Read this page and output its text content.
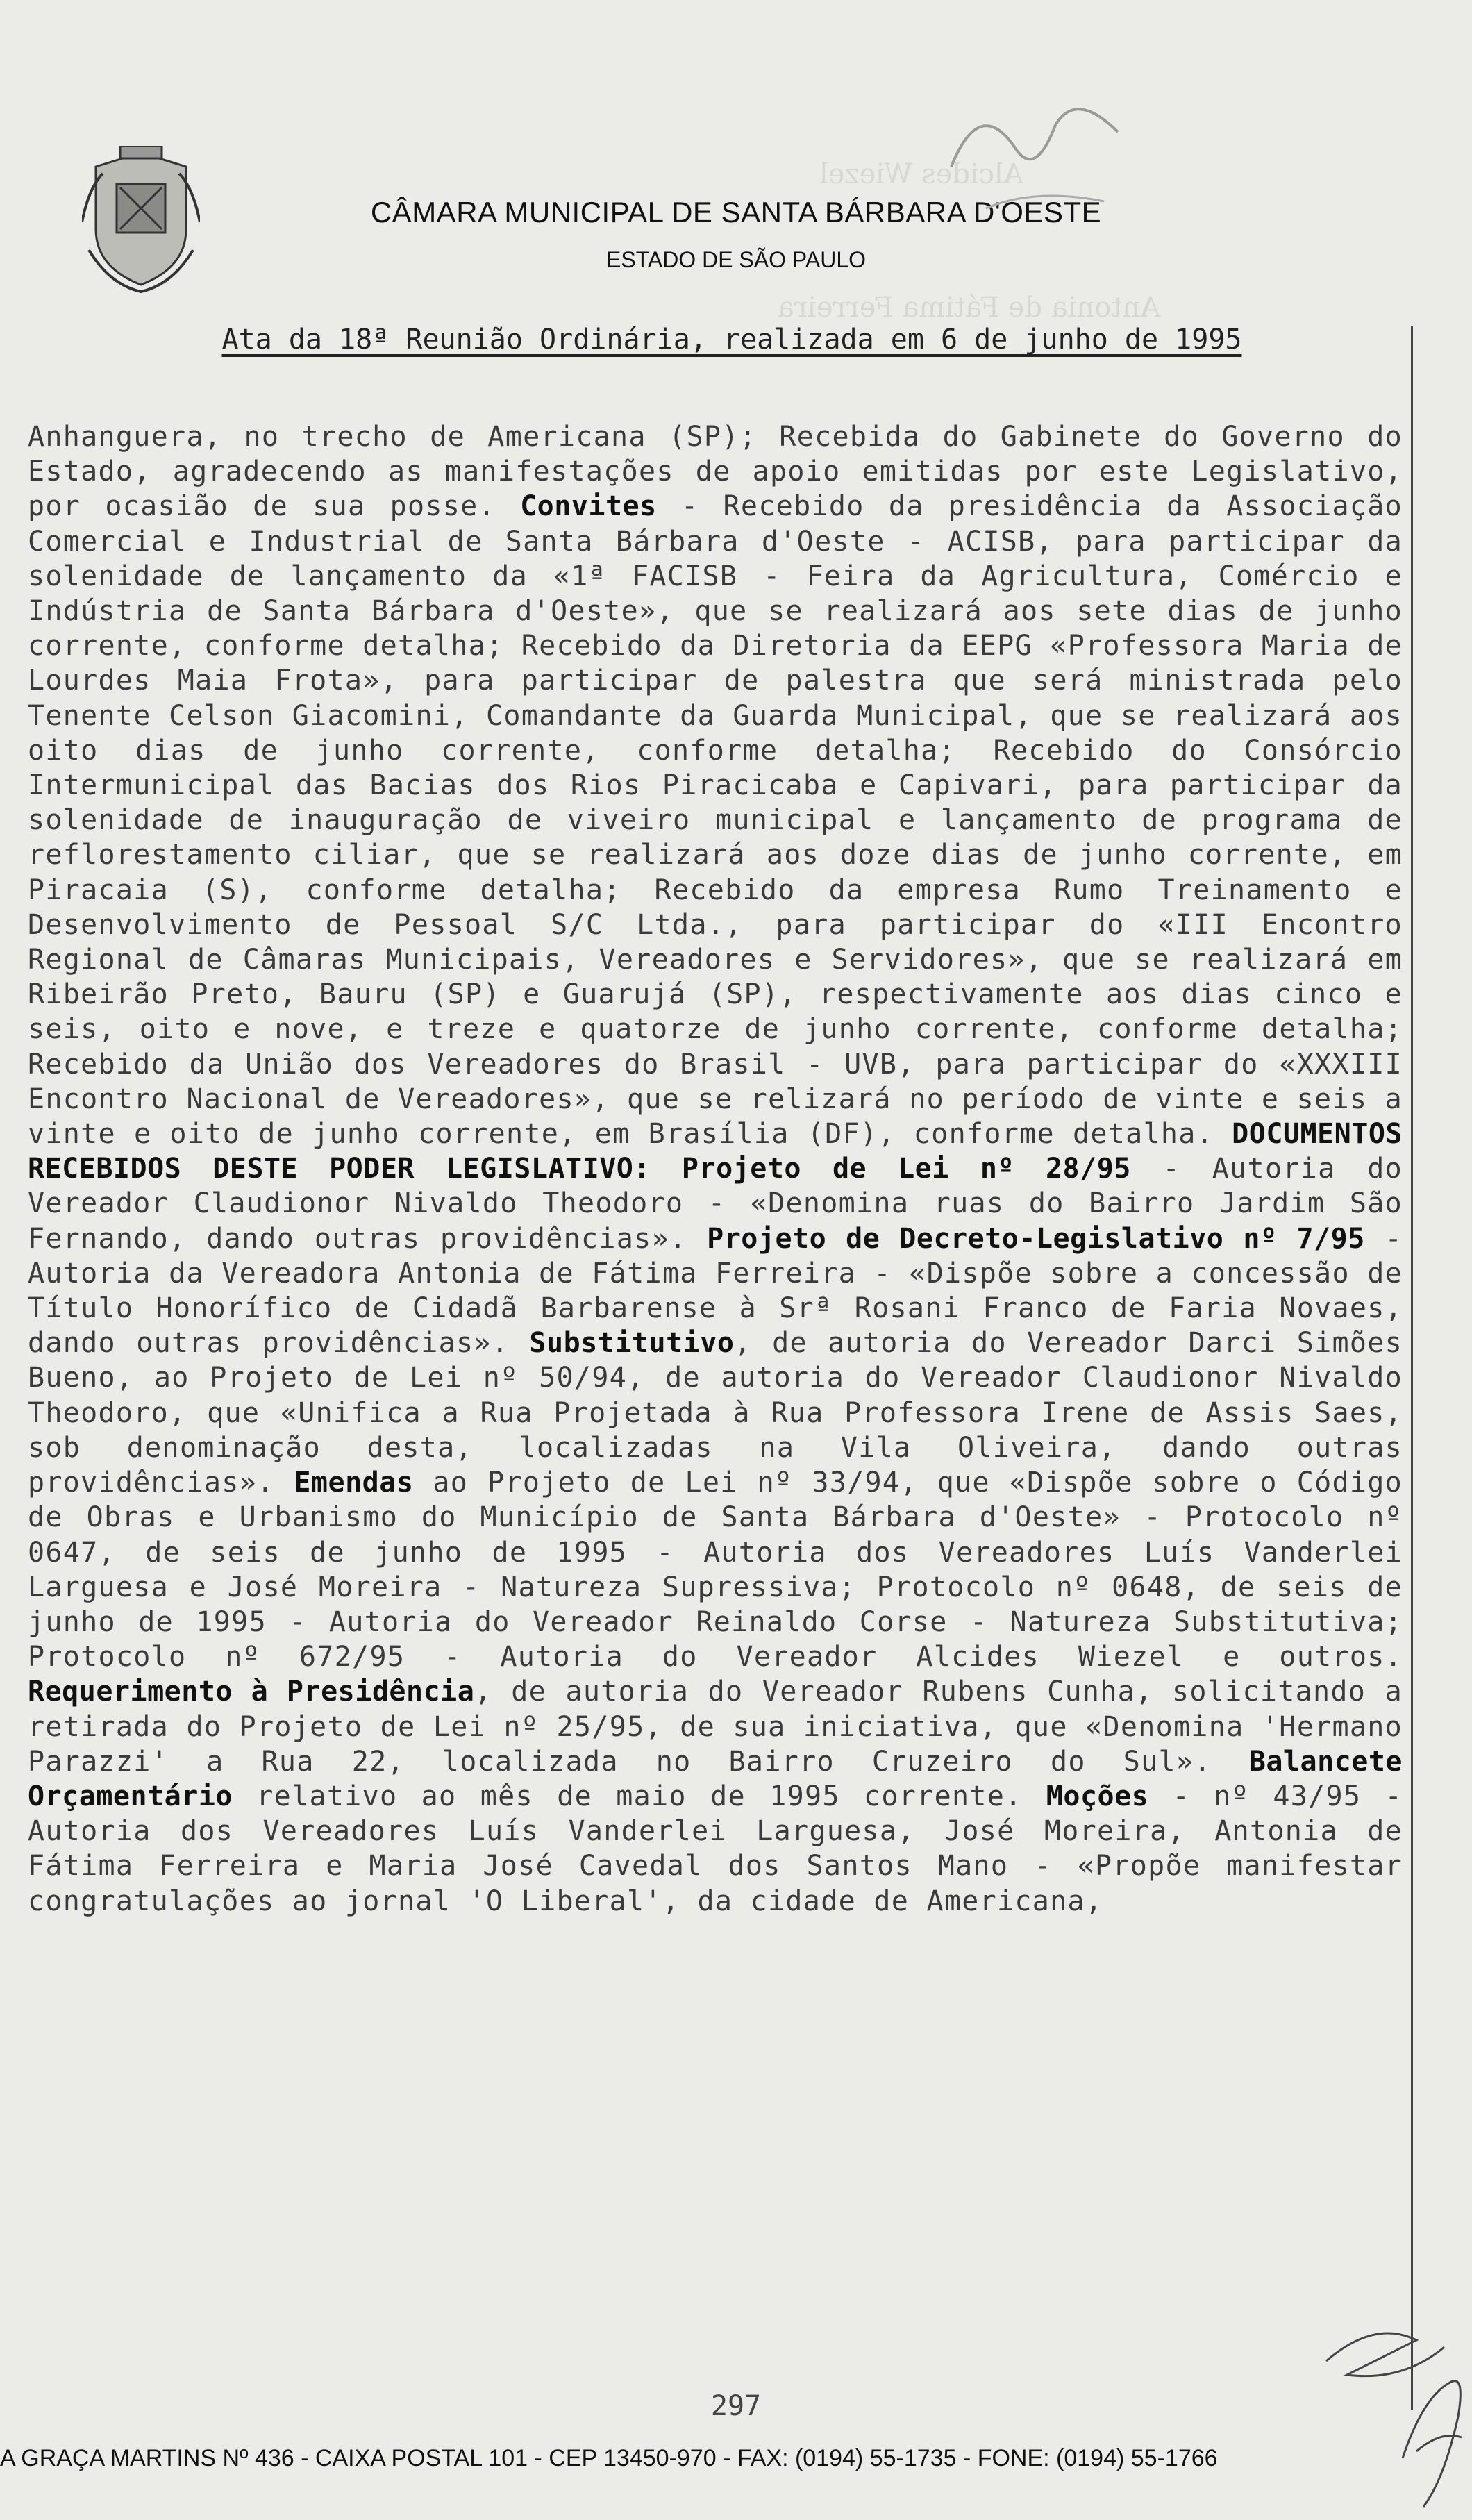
Alcides Wiezel
Antonia de Fátima Ferreira
CÂMARA MUNICIPAL DE SANTA BÁRBARA D'OESTE
ESTADO DE SÃO PAULO
Ata da 18ª Reunião Ordinária, realizada em 6 de junho de 1995
Anhanguera, no trecho de Americana (SP); Recebida do Gabinete do Governo do Estado, agradecendo as manifestações de apoio emitidas por este Legislativo, por ocasião de sua posse. Convites - Recebido da presidência da Associação Comercial e Industrial de Santa Bárbara d'Oeste - ACISB, para participar da solenidade de lançamento da «1ª FACISB - Feira da Agricultura, Comércio e Indústria de Santa Bárbara d'Oeste», que se realizará aos sete dias de junho corrente, conforme detalha; Recebido da Diretoria da EEPG «Professora Maria de Lourdes Maia Frota», para participar de palestra que será ministrada pelo Tenente Celson Giacomini, Comandante da Guarda Municipal, que se realizará aos oito dias de junho corrente, conforme detalha; Recebido do Consórcio Intermunicipal das Bacias dos Rios Piracicaba e Capivari, para participar da solenidade de inauguração de viveiro municipal e lançamento de programa de reflorestamento ciliar, que se realizará aos doze dias de junho corrente, em Piracaia (S), conforme detalha; Recebido da empresa Rumo Treinamento e Desenvolvimento de Pessoal S/C Ltda., para participar do «III Encontro Regional de Câmaras Municipais, Vereadores e Servidores», que se realizará em Ribeirão Preto, Bauru (SP) e Guarujá (SP), respectivamente aos dias cinco e seis, oito e nove, e treze e quatorze de junho corrente, conforme detalha; Recebido da União dos Vereadores do Brasil - UVB, para participar do «XXXIII Encontro Nacional de Vereadores», que se relizará no período de vinte e seis a vinte e oito de junho corrente, em Brasília (DF), conforme detalha. DOCUMENTOS RECEBIDOS DESTE PODER LEGISLATIVO: Projeto de Lei nº 28/95 - Autoria do Vereador Claudionor Nivaldo Theodoro - «Denomina ruas do Bairro Jardim São Fernando, dando outras providências». Projeto de Decreto-Legislativo nº 7/95 - Autoria da Vereadora Antonia de Fátima Ferreira - «Dispõe sobre a concessão de Título Honorífico de Cidadã Barbarense à Srª Rosani Franco de Faria Novaes, dando outras providências». Substitutivo, de autoria do Vereador Darci Simões Bueno, ao Projeto de Lei nº 50/94, de autoria do Vereador Claudionor Nivaldo Theodoro, que «Unifica a Rua Projetada à Rua Professora Irene de Assis Saes, sob denominação desta, localizadas na Vila Oliveira, dando outras providências». Emendas ao Projeto de Lei nº 33/94, que «Dispõe sobre o Código de Obras e Urbanismo do Município de Santa Bárbara d'Oeste» - Protocolo nº 0647, de seis de junho de 1995 - Autoria dos Vereadores Luís Vanderlei Larguesa e José Moreira - Natureza Supressiva; Protocolo nº 0648, de seis de junho de 1995 - Autoria do Vereador Reinaldo Corse - Natureza Substitutiva; Protocolo nº 672/95 - Autoria do Vereador Alcides Wiezel e outros. Requerimento à Presidência, de autoria do Vereador Rubens Cunha, solicitando a retirada do Projeto de Lei nº 25/95, de sua iniciativa, que «Denomina 'Hermano Parazzi' a Rua 22, localizada no Bairro Cruzeiro do Sul». Balancete Orçamentário relativo ao mês de maio de 1995 corrente. Moções - nº 43/95 - Autoria dos Vereadores Luís Vanderlei Larguesa, José Moreira, Antonia de Fátima Ferreira e Maria José Cavedal dos Santos Mano - «Propõe manifestar congratulações ao jornal 'O Liberal', da cidade de Americana,
297
A GRAÇA MARTINS Nº 436 - CAIXA POSTAL 101 - CEP 13450-970 - FAX: (0194) 55-1735 - FONE: (0194) 55-1766
